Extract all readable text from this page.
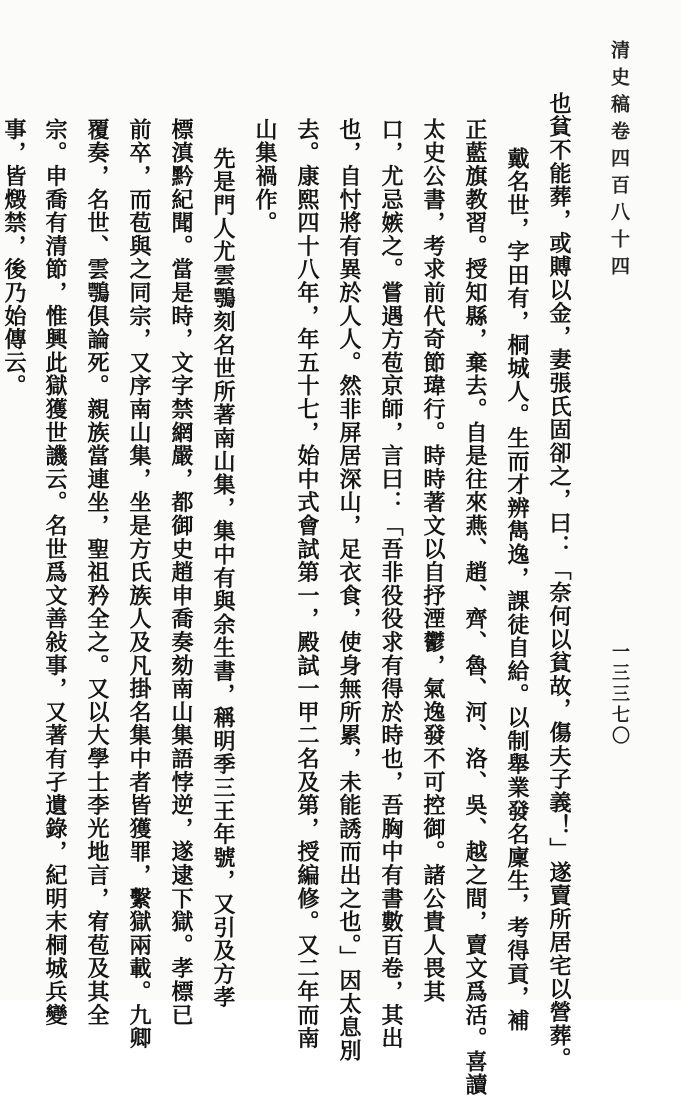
清史稿卷四百八十四
一三三七〇
也貧不能葬，或賻以金，妻張氏固卻之，曰：「奈何以貧故，傷夫子義！」遂賣所居宅以營葬。
戴名世，字田有，桐城人。生而才辨雋逸，課徒自給。以制舉業發名廩生，考得貢，補
正藍旗教習。授知縣，棄去。自是往來燕、趙、齊、魯、河、洛、吳、越之間，賣文爲活。喜讀
太史公書，考求前代奇節瑋行。時時著文以自抒湮鬱，氣逸發不可控御。諸公貴人畏其
口，尤忌嫉之。嘗遇方苞京師，言曰：「吾非役役求有得於時也，吾胸中有書數百卷，其出
也，自忖將有異於人人。然非屏居深山，足衣食，使身無所累，未能誘而出之也。」因太息別
去。康熙四十八年，年五十七，始中式會試第一，殿試一甲二名及第，授編修。又二年而南
山集禍作。
先是門人尤雲鶚刻名世所著南山集，集中有與余生書，稱明季三王年號，又引及方孝
標滇黔紀聞。當是時，文字禁網嚴，都御史趙申喬奏劾南山集語悖逆，遂逮下獄。孝標已
前卒，而苞與之同宗，又序南山集，坐是方氏族人及凡掛名集中者皆獲罪，繫獄兩載。九卿
覆奏，名世、雲鶚俱論死。親族當連坐，聖祖矜全之。又以大學士李光地言，宥苞及其全
宗。申喬有清節，惟興此獄獲世譏云。名世爲文善敍事，又著有孑遺錄，紀明末桐城兵變
事，皆燬禁，後乃始傳云。
